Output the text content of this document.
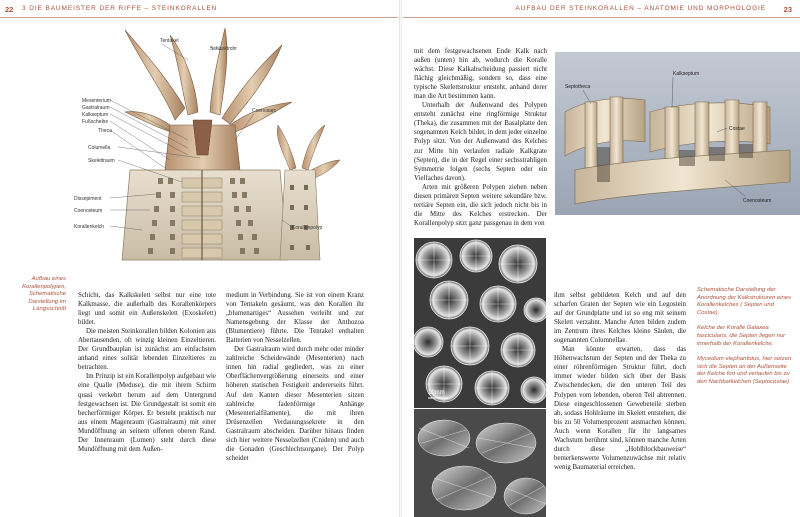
22 3 DIE BAUMEISTER DER RIFFE – STEINKORALLEN	AUFBAU DER STEINKORALLEN – ANATOMIE UND MORPHOLOGIE 23
Tentakel
Schlundrohr
Mesenterium
Gastralraum
Kalkseptum
Fußscheibe
Theca
Columella
Skelettraum
Coenosarc
Dissepiment
Coenosteum
Korallenkelch	Korallenpolyp

Aufbau eines Korallenpolypen, Schematische Darstellung im Längsschnitt

Schicht, das Kalkskelett selbst nur eine tote Kalkmasse, die außerhalb des Korallenkörpers liegt und somit ein Außenskelett (Exoskelett) bildet.

Die meisten Steinkorallen bilden Kolonien aus Abertausenden, oft winzig kleinen Einzeltieren. Der Grundbauplan ist zunächst am einfachsten anhand eines solitär lebenden Einzeltieres zu betrachten.

Im Prinzip ist ein Korallenpolyp aufgebaut wie eine Qualle (Meduse), die mit ihrem Schirm quasi verkehrt herum auf dem Untergrund festgewachsen ist. Die Grundgestalt ist somit ein becherförmiger Körper. Er besteht praktisch nur aus einem Magenraum (Gastralraum) mit einer Mundöffnung an seinem offenen oberen Rand. Der Innenraum (Lumen) steht durch diese Mundöffnung mit dem Außen-

medium in Verbindung. Sie ist von einem Kranz von Tentakeln gesäumt, was den Korallen ihr „blumenartiges“ Aussehen verleiht und zur Namensgebung der Klasse der Anthozoa (Blumentiere) führte. Die Tentakel enthalten Batterien von Nesselzellen.

Der Gastralraum wird durch mehr oder minder zahlreiche Scheidewände (Mesenterien) nach innen hin radial gegliedert, was zu einer Oberflächenvergrößerung einerseits und einer höheren statischen Festigkeit andererseits führt. Auf den Kanten dieser Mesenterien sitzen zahlreiche fadenförmige Anhänge (Mesenterialfilamente), die mit ihren Drüsenzellen Verdauungssekrete in den Gastralraum abscheiden. Darüber hinaus finden sich hier weitere Nesselzellen (Cniden) und auch die Gonaden (Geschlechtsorgane). Der Polyp scheidet

mit dem festgewachsenen Ende Kalk nach außen (unten) hin ab, wodurch die Koralle wächst. Diese Kalkabscheidung passiert nicht flächig gleichmäßig, sondern so, dass eine typische Skelettstruktur entsteht, anhand derer man die Art bestimmen kann.

Unterhalb der Außenwand des Polypen entsteht zunächst eine ringförmige Struktur (Theka), die zusammen mit der Basalplatte den sogenannten Kelch bildet, in dem jeder einzelne Polyp sitzt. Von der Außenwand des Kelches zur Mitte hin verlaufen radiale Kalkgrate (Septen), die in der Regel einer sechsstrahligen Symmetrie folgen (sechs Septen oder ein Vielfaches davon).

Arten mit größeren Polypen ziehen neben diesen primären Septen weitere sekundäre bzw. tertiäre Septen ein, die sich jedoch nicht bis in die Mitte des Kelches erstrecken. Der Korallenpolyp sitzt ganz passgenau in dem von

Septotheca
Kalkseptum
Costae
Coenosteum
10mm

ihm selbst gebildeten Kelch und auf den scharfen Graten der Septen wie ein Legostein auf der Grundplatte und ist so eng mit seinem Skelett verzahnt. Manche Arten bilden zudem im Zentrum ihres Kelches kleine Säulen, die sogenannten Columnellae.

Man könnte erwarten, dass das Höhenwachstum der Septen und der Theka zu einer röhrenförmigen Struktur führt, doch immer wieder bilden sich über der Basis Zwischendecken, die den unteren Teil des Polypen vom lebenden, oberen Teil abtrennen. Diese eingeschlossenen Gewebeteile sterben ab, sodass Hohlräume im Skelett entstehen, die bis zu 50 Volumenprozent ausmachen können. Auch wenn Korallen für ihr langsames Wachstum berühmt sind, können manche Arten durch diese „Hohlblockbauweise“ bemerkenswerte Volumenzuwächse mit relativ wenig Baumaterial erreichen.

Schematische Darstellung der Anordnung der Kalkstrukturen eines Korallenkelches ( Septen und Costae).

Kelche der Koralle Galaxea fascicularis, die Septen liegen nur innerhalb der Korallenkelche.

Mycedium elephantotus, hier setzen sich die Septen an der Außenseite der Kelche fort und verlaufen bis zu den Nachbarkelchen (Septocostae)
